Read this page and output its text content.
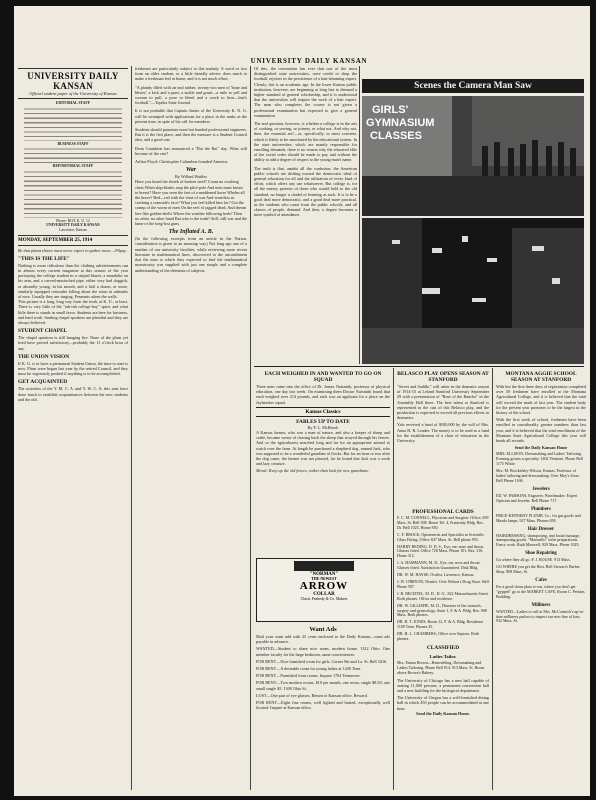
UNIVERSITY DAILY KANSAN
UNIVERSITY DAILY KANSAN
Official student paper of the University of Kansas
EDITORIAL STAFF
BUSINESS STAFF
REPORTORIAL STAFF
Phone: BOX K. U. 12
UNIVERSITY DAILY KANSAN
Lawrence, Kansas
MONDAY, SEPTEMBER 25, 1914
Be that plants thence must never expect to gather roses.—Pilpay.
"THIS IS THE LIFE"
Nothing is more ridiculous than the clothing advertisements run in almost every current magazine at this season of the year portraying the college student in a striped blazer, a mandolin on his arm, and a carved-mustached pipe, either very bad doggish, or absurdly young, in his mouth, and a half a dozen, or more, similarly equipped comrades lolling about the room in attitudes of ease. Usually they are singing. Pennants adorn the walls.
This picture is a long, long way from the truth, at K. U., at least. There is very little of the "rah-rah college-boy" spirit, and what little there is stands in small favor. Students are here for business, and hard work. Smiling chapel speakers are plentiful and they are always believed.
STUDENT CHAPEL
The chapel question is still hanging fire. None of the plans yet tried have proved satisfactory—probably the 11 o'clock hour of any.
THE UNION VISION
If K. U. is to have a permanent Student Union, the time to start is now. Plans were begun last year by the retired Council, and they must be vigorously pushed if anything is to be accomplished.
GET ACQUAINTED
The activities of the Y. M. C. A. and Y. W. C. A. this year have done much to establish acquaintances between the new students and the old.
freshmen are particularly subject to this malady. A word or two from an older student, or a little friendly advice, does much to make a freshman feel at home, and it is not much effort.
"A plainly filled with air and rubber, twenty-two men of 'bone and blister,' a kick and a punt; a tackle and grunt—a mile to yell and scream to pull, a pose to bleed and a crack to hear—that's football."—Topeka State Journal.
It is not probable that Captain James of the University K. N. G. will be swamped with applications for a place in the ranks as the present time, in spite of his call for members.
Students should patronize none but bonded professional engineers. But it is the first place, and then the measure is a Student Council idea, and a good one.
Dean Crumbine has announced a "Bat the Rat" day. What will become of the cats?
Arthur Floyd: Christopher Columbus founded America.
War
By Willard Wattles
Have you heard the shriek of broken steel? Count no crushing chest When ship-blades rasp the pilot-pole And men must breast to breast? Have you seen the feet of a maddened horse Whelm all the brave? Red—red with the wine of war And weariless in crashing a comrade's face? What you feel killed him for? Got the cramp of the worm of men On the reef of jagged dead; And dream fare like golden-shells Where the weather billowing beds? Then no other, no other hand But who is the truth? Still, still war and the fame of the long-lost guns.
The Inflated A. B.
(In the following excerpts from an article in the Nation, consideration is given to an amusing way) Not long ago one of a number of our university faculties, while reviewing more recent literature in mathematical lines, discovered to the astonishment that the man to which they expected to find the mathematical monstrosity was supplied with just one simple and a complete understanding of the elements of subjects.
Of this, the convention has ever that one of the most distinguished state universities, were credit to drop the football, rejoices in the persistence of a hair-trimming expert. Clearly, this is an academic age. In the lower Kansas public institution, however, are beginning at long last to demand a higher standard of general scholarship, and it is understood that the universities will require the work of a hair expert. The man who completes the course is not given a professional examination but expected to give a general examination.
The real question, however, is whether a college is in the arts of cooking, or sewing, or joinery, or what not. And why not, then, the essential art?—or, specifically, to most concrete, which is likely to be sanctioned by the educational system. In the state universities, which are mainly responsible for enrolling demands, there is no reason why the educated elite of the social order should be made to pay and without the ability to add a degree of respect to the young man's name.
The truth is that, amidst all the confusion, the American public schools are drifting toward the democratic ideal of general education for all and the utilization of every kind of effort, which offers any use whatsoever. But college is, for all the uneasy protests of those who would hold to the old standard, no longer a citadel of learning as such. It is to be a good deal more democratic, and a good deal more practical, as the students who come from the public schools, and all classes of people, demand. And then, a degree becomes a mere symbol of attendance.
Scenes the Camera Man Saw
GIRLS'
GYMNASIUM
CLASSES
EACH WEIGHED IN AND WANTED TO GO ON SQUAD
Three men came into the office of Dr. James Naismith, professor of physical education, one day last week. On examining them Doctor Naismith found that each weighed over 214 pounds, and each was an applicant for a place on the Jayhawker squad.
Kansas Classics
FABLES UP TO DATE
By F. L. McBrook
A Kansas farmer, who was a man of nature, and also a keeper of sheep and cattle, became weary of chasing back the sheep that strayed through his fences. And so the agriculturist searched long and far for an appropriate animal to watch over the farm. At length he purchased a shepherd dog, named Jack, who was supposed to be a wonderful guardian of flocks. But for an hour or two after the dog came, the farmer was not pleased, for he found that Jack was a weak and lazy creature.
Moral: Keep up the old fences, rather than look for new guardians.
BELASCO PLAY OPENS SEASON AT STANFORD
"Sweet and Saddle," will usher in the dramatic season of 1914-15 at Leland Stanford University September 29 with a presentation of "Rose of the Rancho" in the Assembly Hall there. The best talent at Stanford is represented in the cast of this Belasco play, and the production is expected to exceed all previous efforts in dramatics.
Yale received a fund of $500,000 by the will of Mrs. Anna H. R. Leuder. The money is to be used as a fund for the establishment of a chair of education in the University.
"NORMAN"
THE NEWEST
ARROW
COLLAR
Cluett, Peabody & Co. Makers
Want Ads
Mail your want add with 25 cents enclosed to the Daily Kansan—want ads payable in advance.
WANTED—Student to share nice room, modern home. 1312 Ohio. One member faculty for the large bedroom, same conveniences.
FOR RENT—Nice furnished room for girls. Corner 9th and La. St. Bell 3416.
FOR RENT—A desirable room for young ladies at 1430 Tenn.
FOR RENT—Furnished front rooms. Inquire 1704 Tennessee.
FOR RENT—Two modern rooms, $10 per month, one room, single $8.50; one small single $5. 1300 Ohio St.
LOST—One pair of eye glasses. Return to Kansan office. Reward.
FOR RENT—Eight fine rooms, well lighted and heated, exceptionally well located. Inquire at Kansan office.
PROFESSIONAL CARDS
F. C. M. CONNELL, Physician and Surgeon. Office, 839 Mass. St. Bell 398. Home Tel. 4, Fraternity Bldg. Res. Dr. Bell 1025, Home 830.
C. F. BROCK, Optometrist and Specialist in Scientific Glass Fitting. Office 847 Mass. St. Bell phone 955.
HARRY REDING, D. D. S., Eye, ear, nose and throat. Glasses fitted. Office 728 Mass. Phone 101. Res. 316, Home 312.
J. A. HAMMANN, M. D., Eye, ear, nose and throat. Glasses fitted. Satisfaction Guaranteed. Disk Bldg.
DR. W. M. HAYSE, Oculist, Lawrence, Kansas.
J. W. O'BRYON, Dentist. Over Wilson's Drug Store. Bell Phone 507.
J. R. BECHTEL, M. D., D. O., 822 Massachusetts Street. Both phones. Office and residence.
DR. W. GILLISPIE, M. D., Diseases of the stomach, surgery and gynecology. Suite 1, F. & A. Bldg. Res. 908 Mass. Both phones.
DR. H. T. JONES, Room 12, F. & A. Bldg. Residence 1109 Tenn. Phones 35.
DR. H. L. CHAMBERS, Office over Squires. Both phones.
CLASSIFIED
Ladies Tailor.
Mrs. Emma Brown—Remodeling, Dressmaking and Ladies Tailoring. Phone Bell 914, 913 Mass. St. Room above Brown's Bakery.
The University of Chicago has a new hall capable of seating 11,000 persons, a permanent convention hall and a new building for the biological department.
The University of Oregon has a well-furnished dining hall in which 450 people can be accommodated at one time.
Send the Daily Kansan Home.
MONTANA AGGIE SCHOOL SEASON AT STANFORD
With but the first three days of registration completed over 50 freshmen have enrolled at the Montana Agricultural College, and it is believed that the total will exceed the mark of last year. The student body for the present year promises to be the largest in the history of the school.
With the first week of school, freshmen have been enrolled in considerably greater numbers than last year, and it is believed that the total enrollment of the Montana State Agricultural College this year will break all records.
Send the Daily Kansan Home
MRS. ELLISON, Dressmaking and Ladies' Tailoring. Evening gowns a specialty. 1402 Vermont. Phone Bell 1175 White.
Mrs. M. Brockelsby-Wilson, Kansas. Professor of ladies' tailoring and dressmaking. Over Moy's Store. Bell Phone 1168.
Jewelers
ED. W. PARSONS, Engraver. Watchmaker. Expert Optician and Jeweler. Bell Phone 717.
Plumbers
PRICE-KENNEDY PLUMB. Co., for gas goods and Mazda lamps. 927 Mass. Phones 658.
Hair Dresser
HAIRDRESSING, shampooing, and facial massage, shampooing goods. "Marinello" toilet preparations. Fancy work. Ruth Maxwell, 929 Mass. Phone 1025.
Shoe Repairing
Go where they all go. F. J. ROUSE. 913 Mass.
GO WHERE you get the Best. Bell Stewart's Barber Shop. 808 Mass. St.
Cafes
For a good clean place to eat, where you don't get "gypped" go to the MARKET CAFE, Room C. Perkins Building.
Milliners
WANTED—Ladies to call at Mrs. McCormick's up-to-date millinery parlors to inspect our new line of hats. 932 Mass. St.
